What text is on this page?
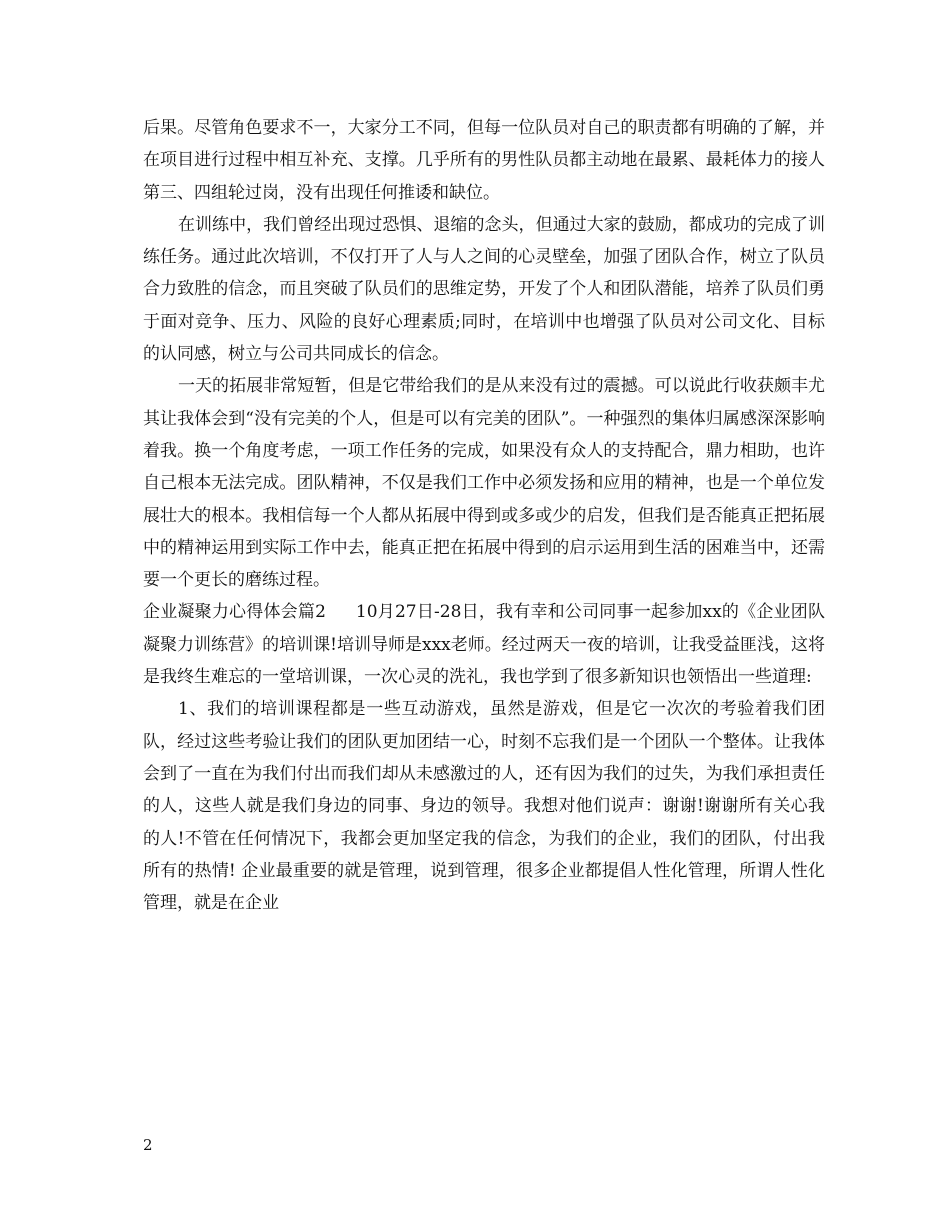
后果。尽管角色要求不一，大家分工不同，但每一位队员对自己的职责都有明确的了解，并在项目进行过程中相互补充、支撑。几乎所有的男性队员都主动地在最累、最耗体力的接人第三、四组轮过岗，没有出现任何推诿和缺位。

在训练中，我们曾经出现过恐惧、退缩的念头，但通过大家的鼓励，都成功的完成了训练任务。通过此次培训，不仅打开了人与人之间的心灵壁垒，加强了团队合作，树立了队员合力致胜的信念，而且突破了队员们的思维定势，开发了个人和团队潜能，培养了队员们勇于面对竞争、压力、风险的良好心理素质;同时，在培训中也增强了队员对公司文化、目标的认同感，树立与公司共同成长的信念。

一天的拓展非常短暂，但是它带给我们的是从来没有过的震撼。可以说此行收获颇丰尤其让我体会到“没有完美的个人，但是可以有完美的团队”。一种强烈的集体归属感深深影响着我。换一个角度考虑，一项工作任务的完成，如果没有众人的支持配合，鼎力相助，也许自己根本无法完成。团队精神，不仅是我们工作中必须发扬和应用的精神，也是一个单位发展壮大的根本。我相信每一个人都从拓展中得到或多或少的启发，但我们是否能真正把拓展中的精神运用到实际工作中去，能真正把在拓展中得到的启示运用到生活的困难当中，还需要一个更长的磨练过程。

企业凝聚力心得体会篇2 10月27日-28日，我有幸和公司同事一起参加xx的《企业团队凝聚力训练营》的培训课!培训导师是xxx老师。经过两天一夜的培训，让我受益匪浅，这将是我终生难忘的一堂培训课，一次心灵的洗礼，我也学到了很多新知识也领悟出一些道理:

1、我们的培训课程都是一些互动游戏，虽然是游戏，但是它一次次的考验着我们团队，经过这些考验让我们的团队更加团结一心，时刻不忘我们是一个团队一个整体。让我体会到了一直在为我们付出而我们却从未感激过的人，还有因为我们的过失，为我们承担责任的人，这些人就是我们身边的同事、身边的领导。我想对他们说声：谢谢!谢谢所有关心我的人!不管在任何情况下，我都会更加坚定我的信念，为我们的企业，我们的团队，付出我所有的热情! 企业最重要的就是管理，说到管理，很多企业都提倡人性化管理，所谓人性化管理，就是在企业

2
